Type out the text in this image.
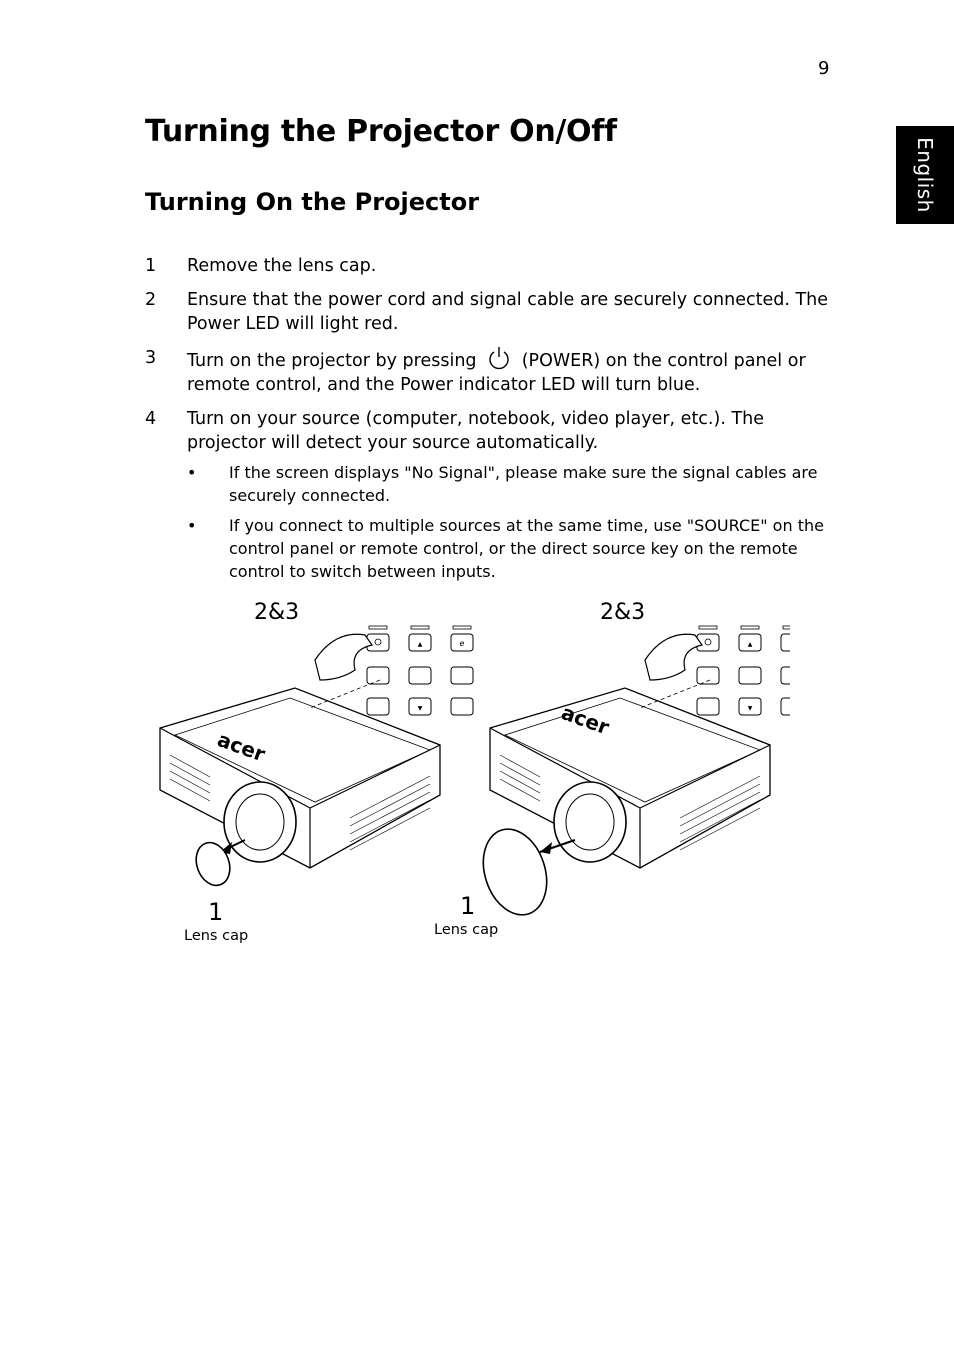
9
English
Turning the Projector On/Off
Turning On the Projector
1 Remove the lens cap.
2 Ensure that the power cord and signal cable are securely connected. The Power LED will light red.
3 Turn on the projector by pressing	(POWER) on the control panel or remote control, and the Power indicator LED will turn blue.
4 Turn on your source (computer, notebook, video player, etc.). The projector will detect your source automatically.
• If the screen displays "No Signal", please make sure the signal cables are securely connected.
• If you connect to multiple sources at the same time, use "SOURCE" on the control panel or remote control, or the direct source key on the remote control to switch between inputs.
▲
▼
e
acer
acer
2&3	2&3
1
Lens cap
1
Lens cap
